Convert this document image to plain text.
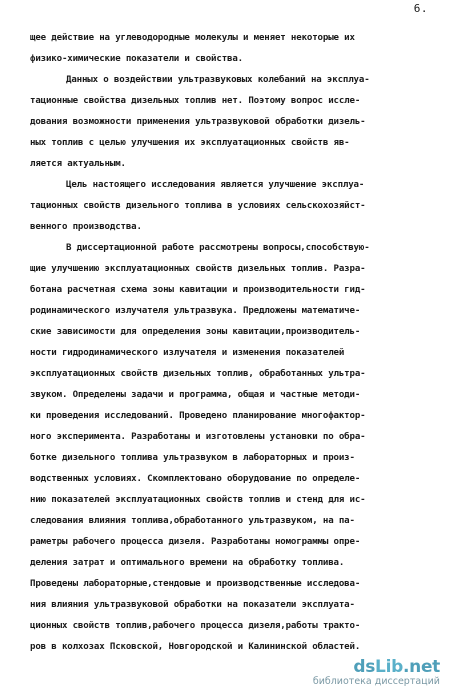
6.
щее действие на углеводородные молекулы и меняет некоторые их
физико-химические показатели и свойства.
Данных о воздействии ультразвуковых колебаний на эксплуа-
тационные свойства дизельных топлив нет. Поэтому вопрос иссле-
дования возможности применения ультразвуковой обработки дизель-
ных топлив с целью улучшения их эксплуатационных свойств яв-
ляется актуальным.
Цель настоящего исследования является улучшение эксплуа-
тационных свойств дизельного топлива в условиях сельскохозяйст-
венного производства.
В диссертационной работе рассмотрены вопросы,способствую-
щие улучшению эксплуатационных свойств дизельных топлив. Разра-
ботана расчетная схема зоны кавитации и производительности гид-
родинамического излучателя ультразвука. Предложены математиче-
ские зависимости для определения зоны кавитации,производитель-
ности гидродинамического излучателя и изменения показателей
эксплуатационных свойств дизельных топлив, обработанных ультра-
звуком. Определены задачи и программа, общая и частные методи-
ки проведения исследований. Проведено планирование многофактор-
ного эксперимента. Разработаны и изготовлены установки по обра-
ботке дизельного топлива ультразвуком в лабораторных и произ-
водственных условиях. Скомплектовано оборудование по определе-
нию показателей эксплуатационных свойств топлив и стенд для ис-
следования влияния топлива,обработанного ультразвуком, на па-
раметры рабочего процесса дизеля. Разработаны номограммы опре-
деления затрат и оптимального времени на обработку топлива.
Проведены лабораторные,стендовые и производственные исследова-
ния влияния ультразвуковой обработки на показатели эксплуата-
ционных свойств топлив,рабочего процесса дизеля,работы тракто-
ров в колхозах Псковской, Новгородской и Калининской областей.
ds Lib . net
библиотека диссертаций
